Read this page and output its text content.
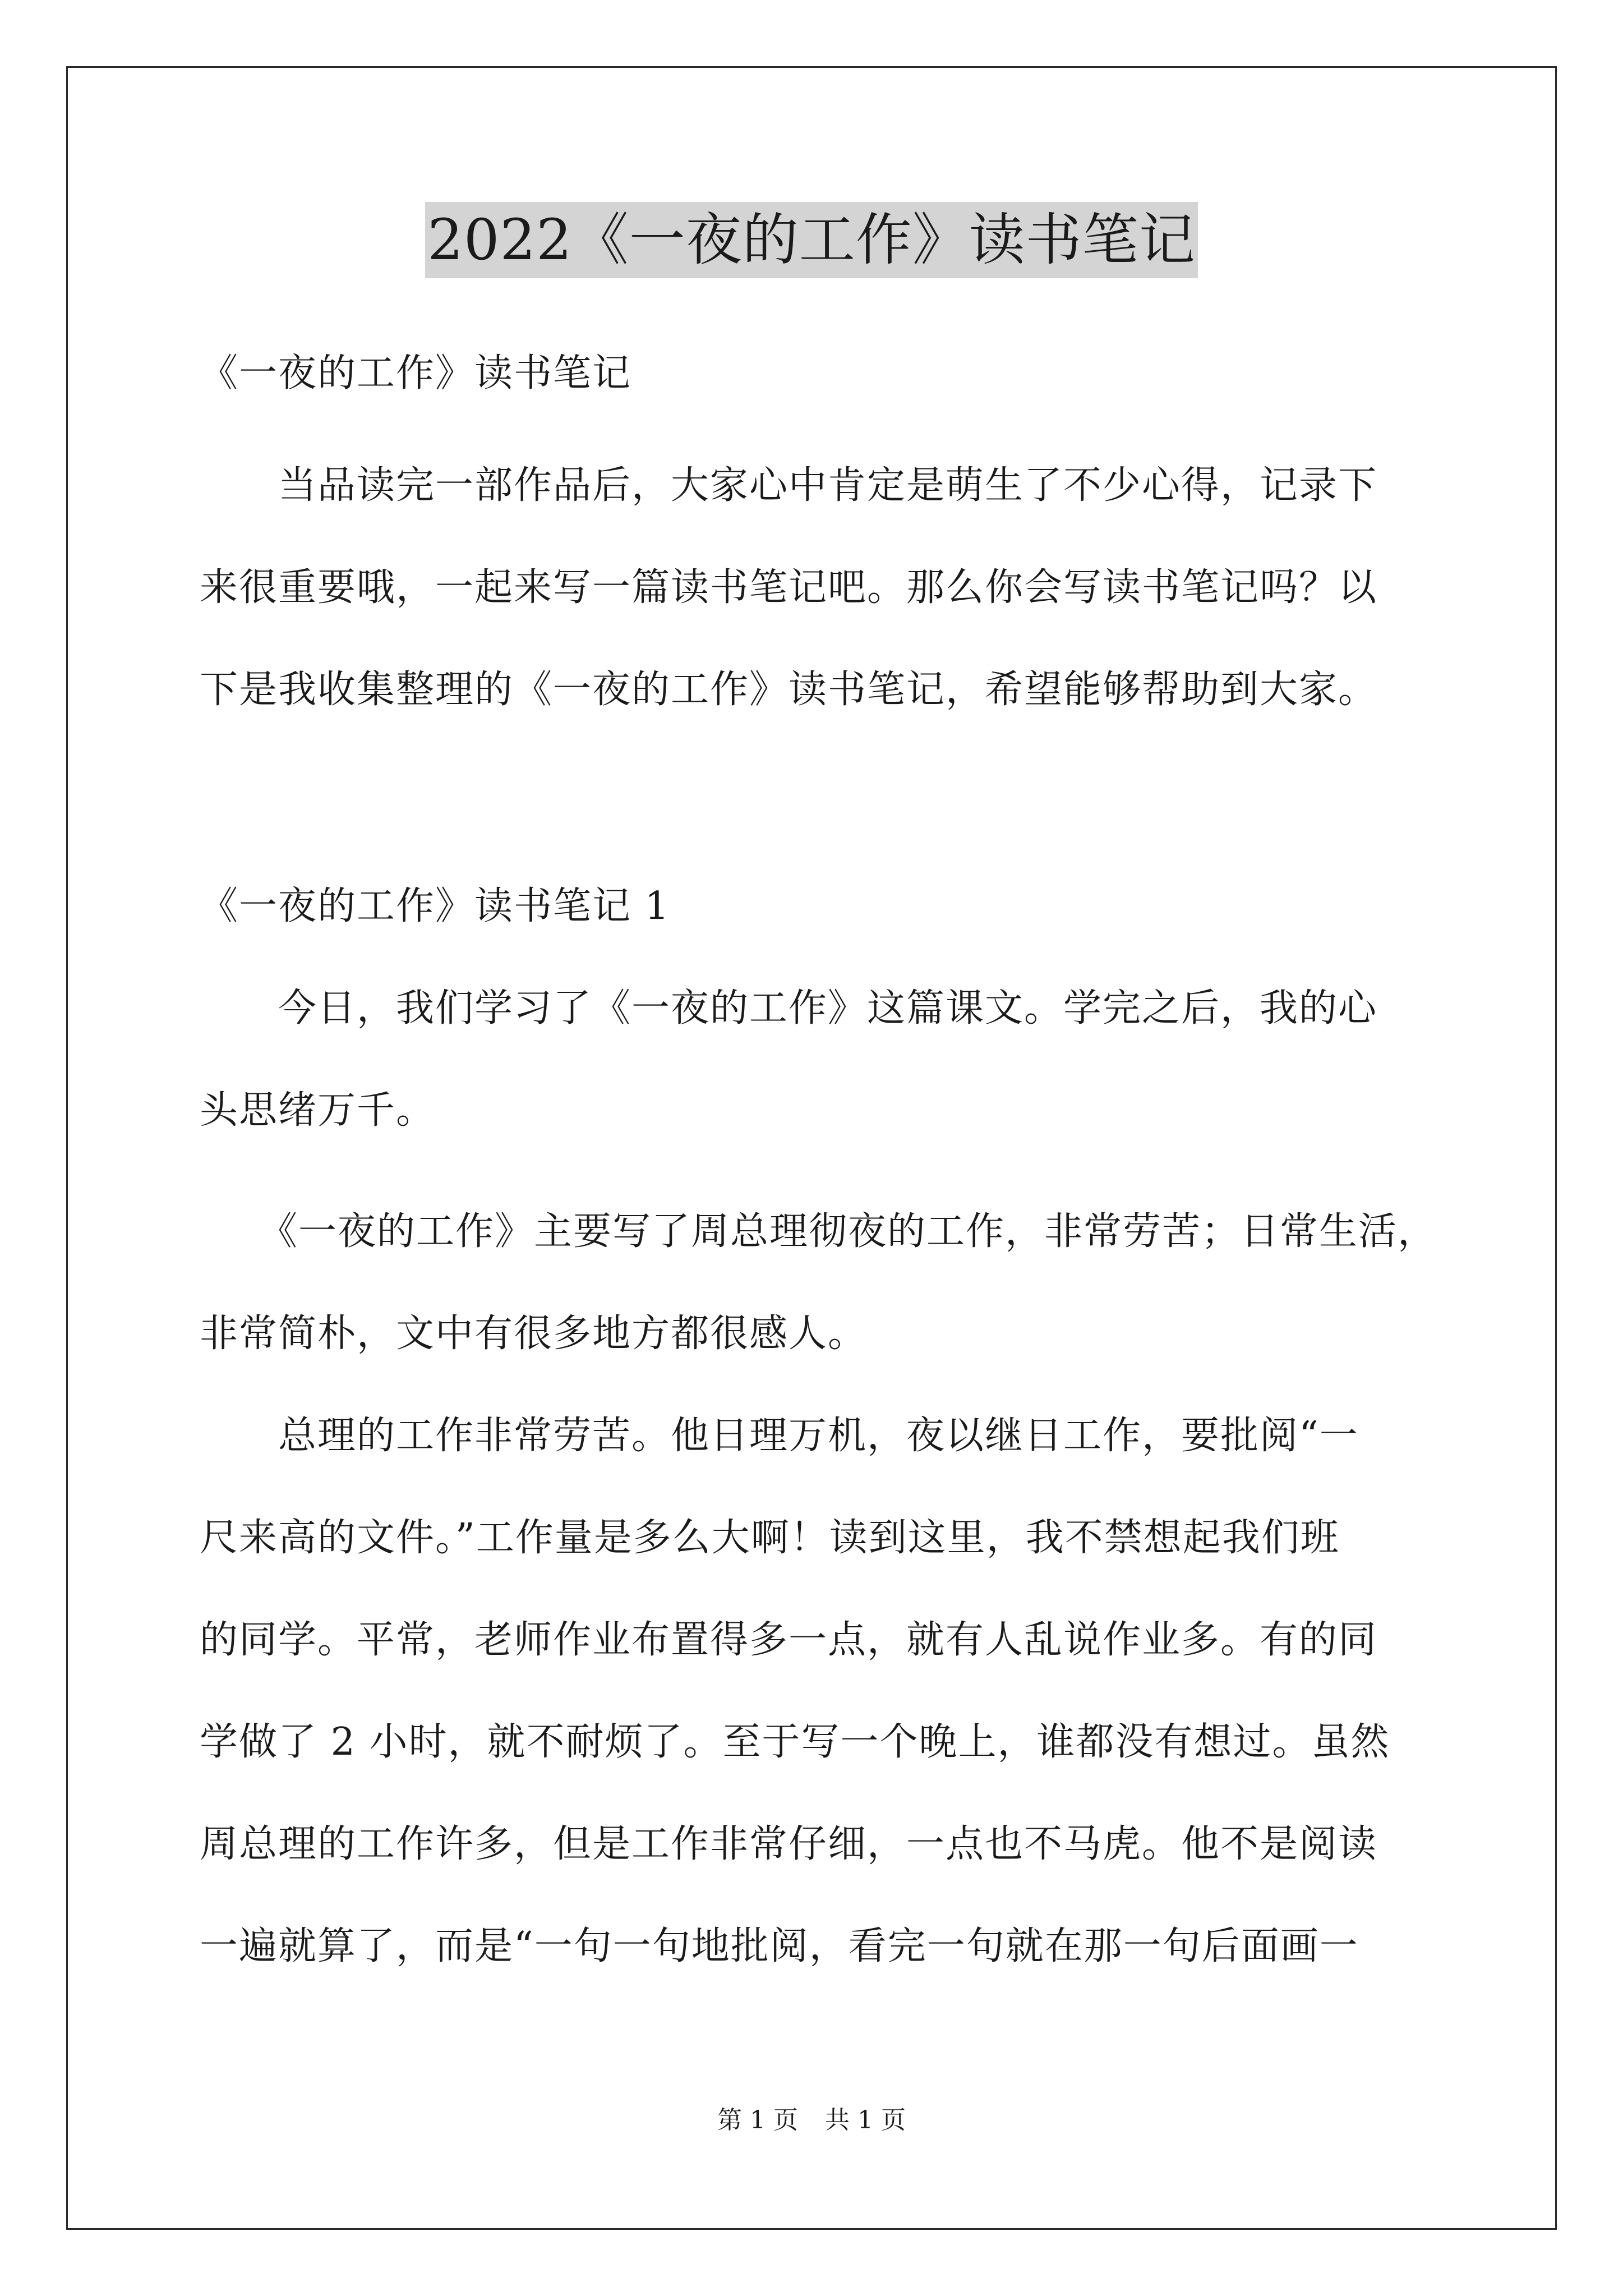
2022《一夜的工作》读书笔记
《一夜的工作》读书笔记
　　当品读完一部作品后，大家心中肯定是萌生了不少心得，记录下
来很重要哦，一起来写一篇读书笔记吧。那么你会写读书笔记吗？以
下是我收集整理的《一夜的工作》读书笔记，希望能够帮助到大家。
《一夜的工作》读书笔记 1
　　今日，我们学习了《一夜的工作》这篇课文。学完之后，我的心
头思绪万千。
　　《一夜的工作》主要写了周总理彻夜的工作，非常劳苦；日常生活，
非常简朴，文中有很多地方都很感人。
　　总理的工作非常劳苦。他日理万机，夜以继日工作，要批阅“一
尺来高的文件。”工作量是多么大啊！读到这里，我不禁想起我们班
的同学。平常，老师作业布置得多一点，就有人乱说作业多。有的同
学做了 2 小时，就不耐烦了。至于写一个晚上，谁都没有想过。虽然
周总理的工作许多，但是工作非常仔细，一点也不马虎。他不是阅读
一遍就算了，而是“一句一句地批阅，看完一句就在那一句后面画一
第 1 页 共 1 页
